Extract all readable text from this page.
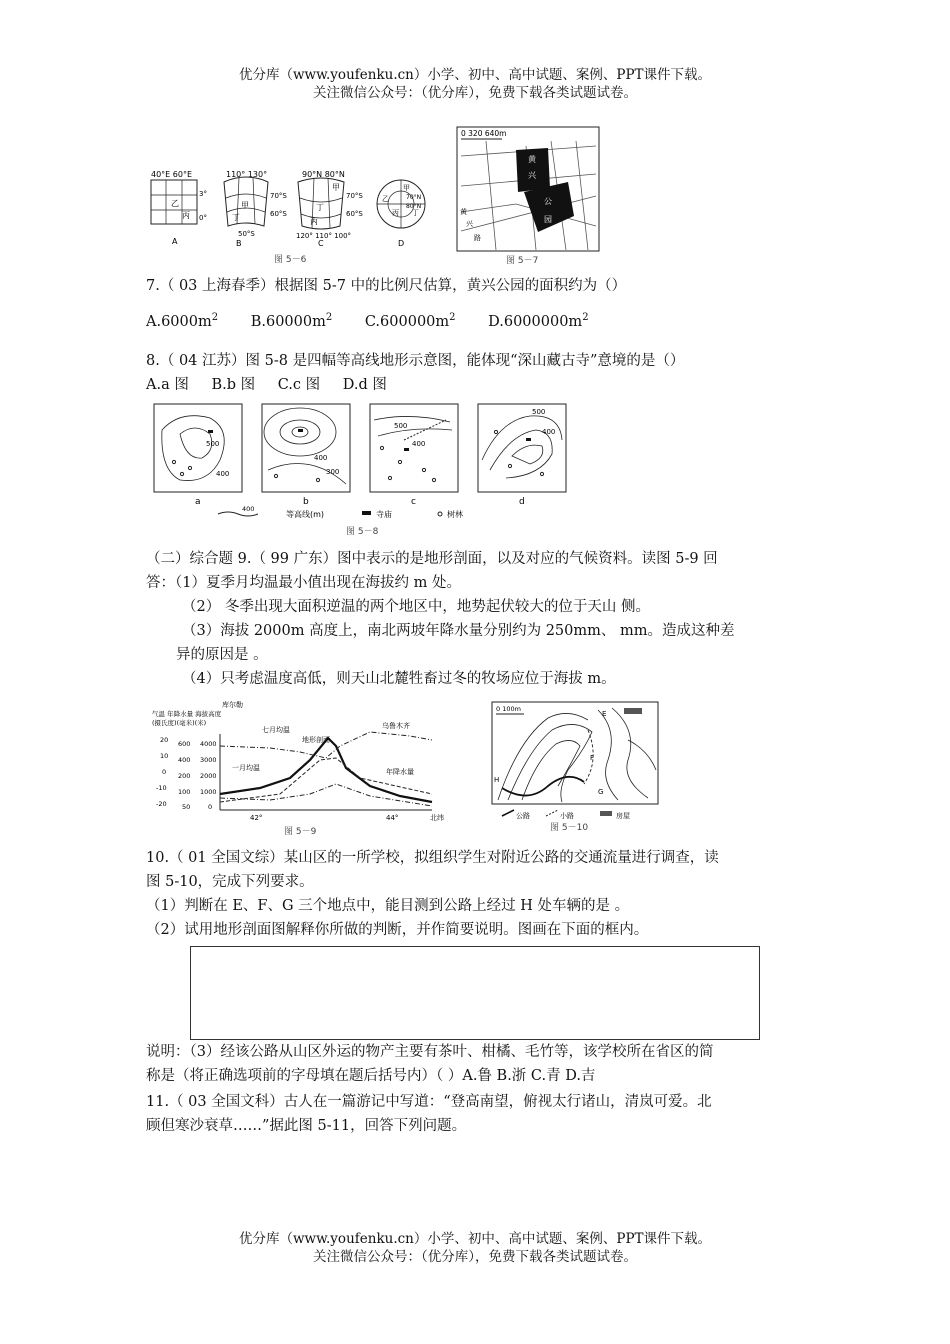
优分库（www.youfenku.cn）小学、初中、高中试题、案例、PPT课件下载。
关注微信公众号：（优分库），免费下载各类试题试卷。
40°E 60°E
乙
丙
3°
0°
A
110° 130°
甲
丁
70°S
60°S
50°S
B
90°N 80°N
甲
丁
丙
70°S
60°S
120° 110° 100°
C
甲
乙
丙 丁
70°N
80°N
D
图 5－6
0 320 640m
黄
兴
公
园
黄
兴
路
图 5－7
7.（ 03 上海春季）根据图 5-7 中的比例尺估算，黄兴公园的面积约为（）
$A.6000m^2$ $B.60000m^2$ $C.600000m^2$ $D.6000000m^2$
8.（ 04 江苏）图 5-8 是四幅等高线地形示意图，能体现“深山藏古寺”意境的是（）
A.a 图 B.b 图 C.c 图 D.d 图
500
400
a
400
300
b
500
400
c
500
400
d
400
等高线(m)	寺庙	树林
图 5－8
（二）综合题 9.（ 99 广东）图中表示的是地形剖面，以及对应的气候资料。读图 5-9 回
答：（1）夏季月均温最小值出现在海拔约 m 处。
（2） 冬季出现大面积逆温的两个地区中，地势起伏较大的位于天山 侧。
（3）海拔 2000m 高度上，南北两坡年降水量分别约为 250mm、 mm。造成这种差
异的原因是 。
（4）只考虑温度高低，则天山北麓牲畜过冬的牧场应位于海拔 m。
库尔勒
乌鲁木齐
气温 年降水量 海拔高度
(摄氏度)(毫米)(米)
20
10
0
-10
-20
600
400
200
100
50
4000
3000
2000
1000
0
七月均温
地形剖面
一月均温	年降水量
42°	44°	北纬
图 5－9
0 100m
E
F
G
H
公路	小路	房屋
图 5－10
10.（ 01 全国文综）某山区的一所学校，拟组织学生对附近公路的交通流量进行调查，读
图 5-10，完成下列要求。
（1）判断在 E、F、G 三个地点中，能目测到公路上经过 H 处车辆的是 。
（2）试用地形剖面图解释你所做的判断，并作简要说明。图画在下面的框内。
说明：（3）经该公路从山区外运的物产主要有茶叶、柑橘、毛竹等，该学校所在省区的简
称是（将正确选项前的字母填在题后括号内）（ ）A.鲁 B.浙 C.青 D.吉
11.（ 03 全国文科）古人在一篇游记中写道：“登高南望，俯视太行诸山，清岚可爱。北
顾但寒沙衰草……”据此图 5-11，回答下列问题。
优分库（www.youfenku.cn）小学、初中、高中试题、案例、PPT课件下载。
关注微信公众号：（优分库），免费下载各类试题试卷。
